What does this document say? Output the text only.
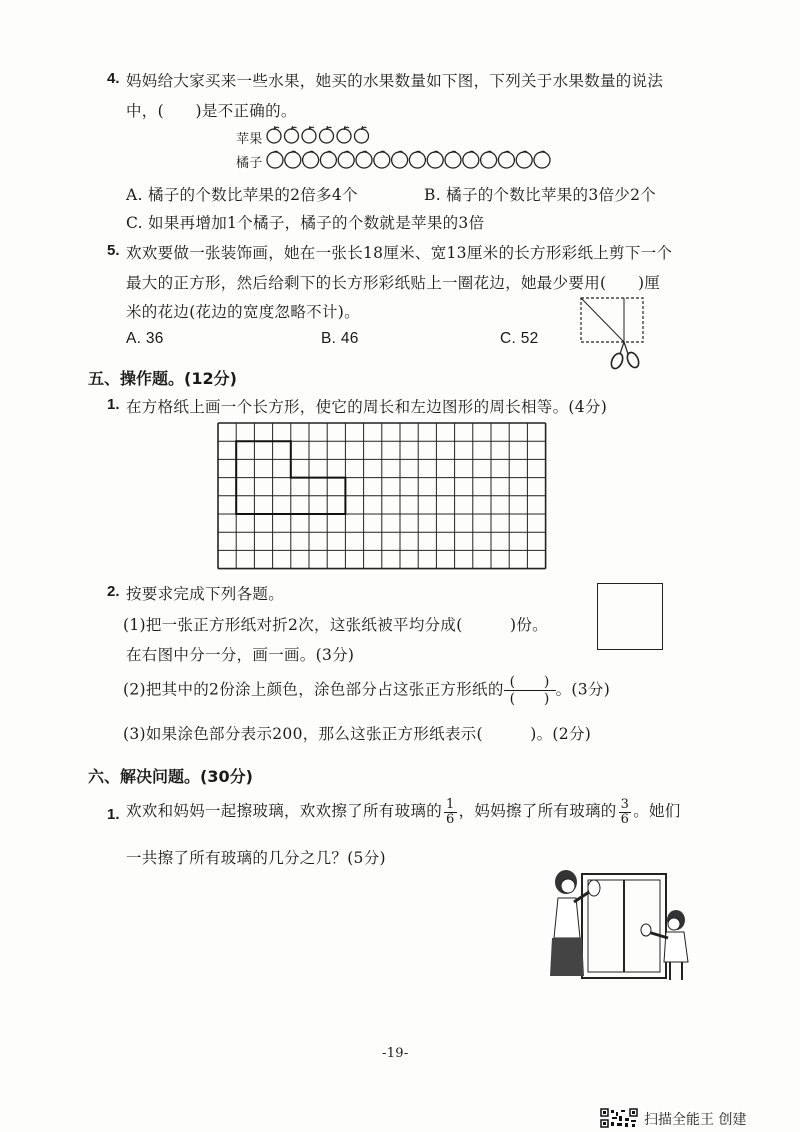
4. 妈妈给大家买来一些水果，她买的水果数量如下图，下列关于水果数量的说法
中，(　　)是不正确的。
苹果
橘子
A. 橘子的个数比苹果的2倍多4个	B. 橘子的个数比苹果的3倍少2个
C. 如果再增加1个橘子，橘子的个数就是苹果的3倍
5. 欢欢要做一张装饰画，她在一张长18厘米、宽13厘米的长方形彩纸上剪下一个
最大的正方形，然后给剩下的长方形彩纸贴上一圈花边，她最少要用(　　)厘
米的花边(花边的宽度忽略不计)。
A. 36	B. 46	C. 52
五、操作题。(12分)
1. 在方格纸上画一个长方形，使它的周长和左边图形的周长相等。(4分)
2. 按要求完成下列各题。
(1)把一张正方形纸对折2次，这张纸被平均分成(　　　)份。
在右图中分一分，画一画。(3分)
(2)把其中的2份涂上颜色，涂色部分占这张正方形纸的 (　　)
(　　)。(3分)
(3)如果涂色部分表示200，那么这张正方形纸表示(　　　)。(2分)
六、解决问题。(30分)
1. 欢欢和妈妈一起擦玻璃，欢欢擦了所有玻璃的 $\frac{1}{6}$ ，妈妈擦了所有玻璃的 $\frac{3}{6}$ 。她们
一共擦了所有玻璃的几分之几？(5分)
-19-
扫描全能王 创建
